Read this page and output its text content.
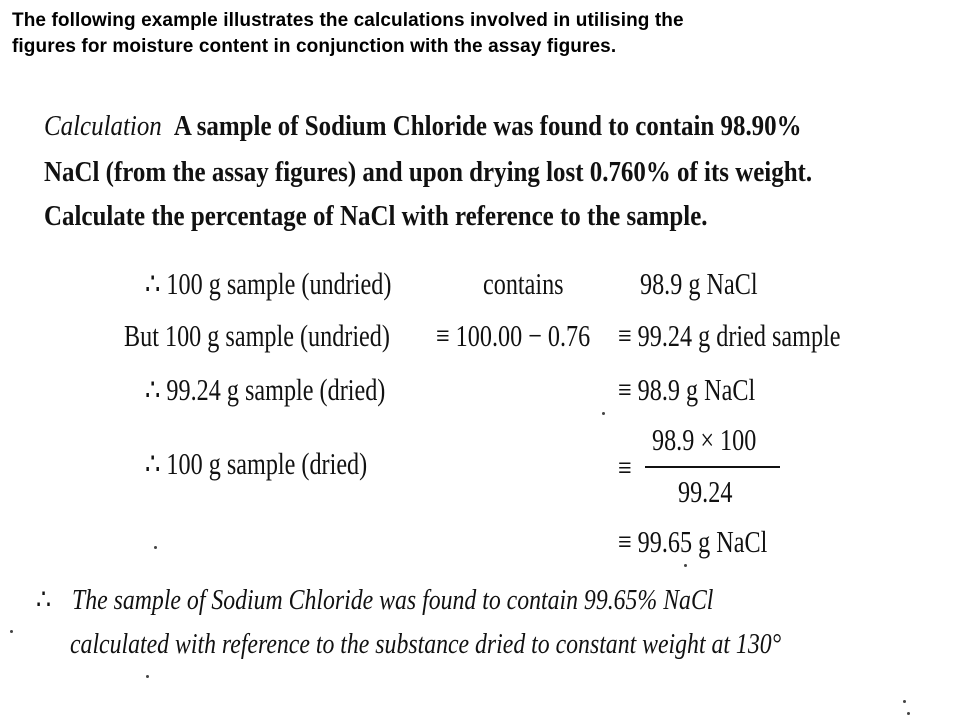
The following example illustrates the calculations involved in utilising the
figures for moisture content in conjunction with the assay figures.
Calculation A sample of Sodium Chloride was found to contain 98.90%
NaCl (from the assay figures) and upon drying lost 0.760% of its weight.
Calculate the percentage of NaCl with reference to the sample.
∴ 100 g sample (undried)	contains 98.9 g NaCl
But 100 g sample (undried) ≡ 100.00 − 0.76 ≡ 99.24 g dried sample
∴ 99.24 g sample (dried)	≡ 98.9 g NaCl
∴ 100 g sample (dried)	≡
98.9 × 100
99.24
≡ 99.65 g NaCl
∴ The sample of Sodium Chloride was found to contain 99.65% NaCl
calculated with reference to the substance dried to constant weight at 130°
